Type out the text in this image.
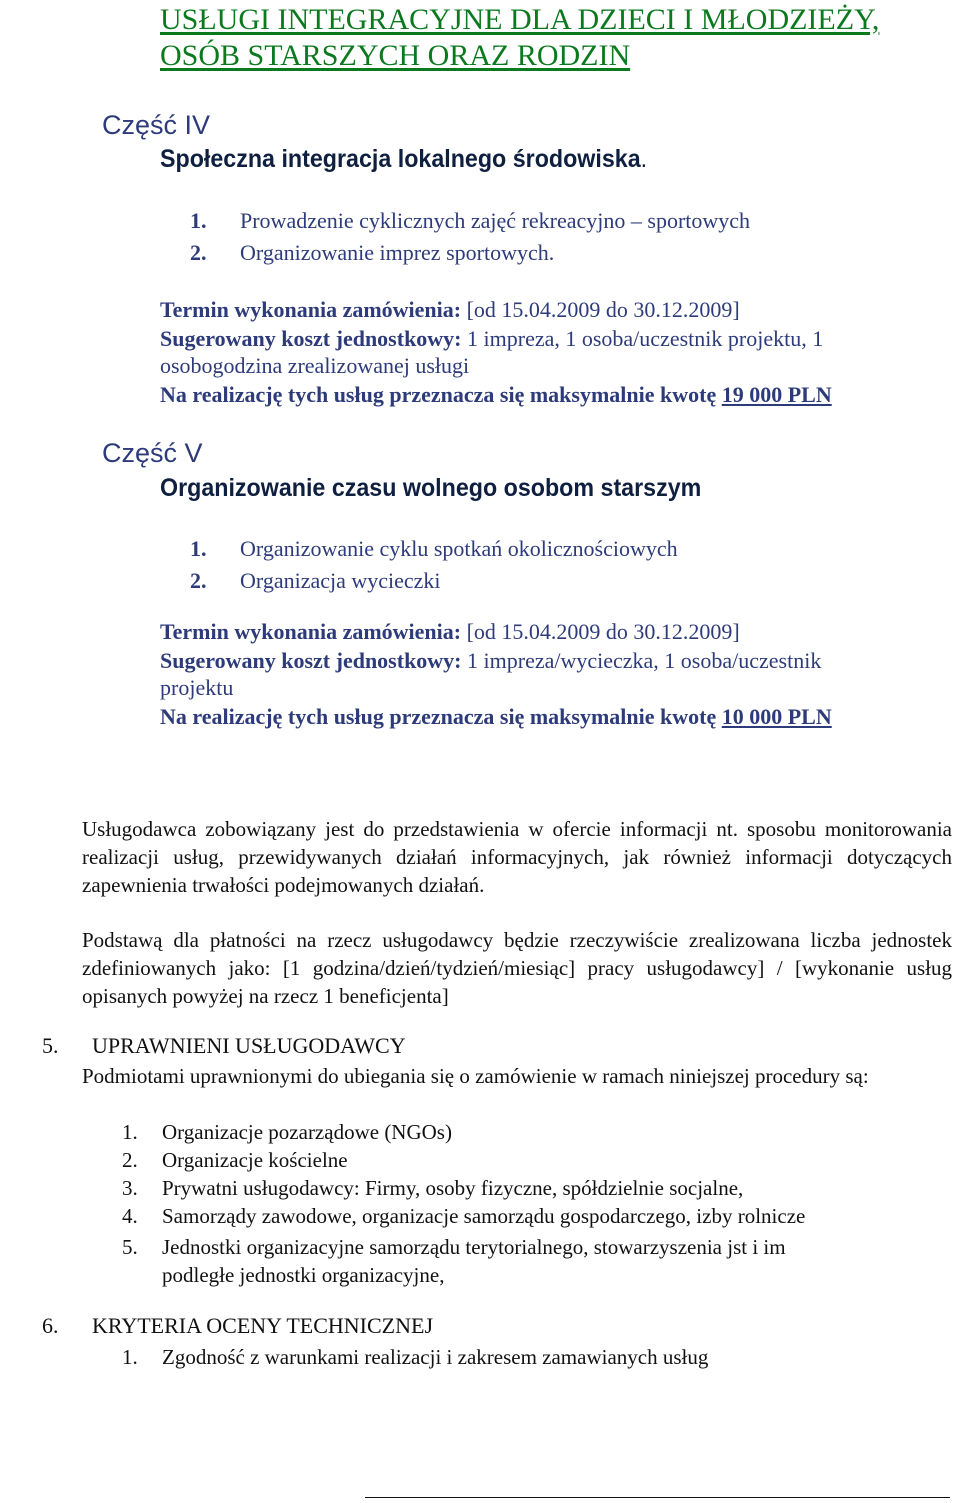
USŁUGI INTEGRACYJNE DLA DZIECI I MŁODZIEŻY,
OSÓB STARSZYCH ORAZ RODZIN
Część IV
Społeczna integracja lokalnego środowiska.
1. Prowadzenie cyklicznych zajęć rekreacyjno – sportowych
2. Organizowanie imprez sportowych.
Termin wykonania zamówienia: [od 15.04.2009 do 30.12.2009]
Sugerowany koszt jednostkowy: 1 impreza, 1 osoba/uczestnik projektu, 1
osobogodzina zrealizowanej usługi
Na realizację tych usług przeznacza się maksymalnie kwotę 19 000 PLN
Część V
Organizowanie czasu wolnego osobom starszym
1. Organizowanie cyklu spotkań okolicznościowych
2. Organizacja wycieczki
Termin wykonania zamówienia: [od 15.04.2009 do 30.12.2009]
Sugerowany koszt jednostkowy: 1 impreza/wycieczka, 1 osoba/uczestnik
projektu
Na realizację tych usług przeznacza się maksymalnie kwotę 10 000 PLN
Usługodawca zobowiązany jest do przedstawienia w ofercie informacji nt. sposobu monitorowania realizacji usług, przewidywanych działań informacyjnych, jak również informacji dotyczących zapewnienia trwałości podejmowanych działań.
Podstawą dla płatności na rzecz usługodawcy będzie rzeczywiście zrealizowana liczba jednostek zdefiniowanych jako: [1 godzina/dzień/tydzień/miesiąc] pracy usługodawcy] / [wykonanie usług opisanych powyżej na rzecz 1 beneficjenta]
5. UPRAWNIENI USŁUGODAWCY
Podmiotami uprawnionymi do ubiegania się o zamówienie w ramach niniejszej procedury są:
1. Organizacje pozarządowe (NGOs)
2. Organizacje kościelne
3. Prywatni usługodawcy: Firmy, osoby fizyczne, spółdzielnie socjalne,
4. Samorządy zawodowe, organizacje samorządu gospodarczego, izby rolnicze
5. Jednostki organizacyjne samorządu terytorialnego, stowarzyszenia jst i im
podległe jednostki organizacyjne,
6. KRYTERIA OCENY TECHNICZNEJ
1. Zgodność z warunkami realizacji i zakresem zamawianych usług
